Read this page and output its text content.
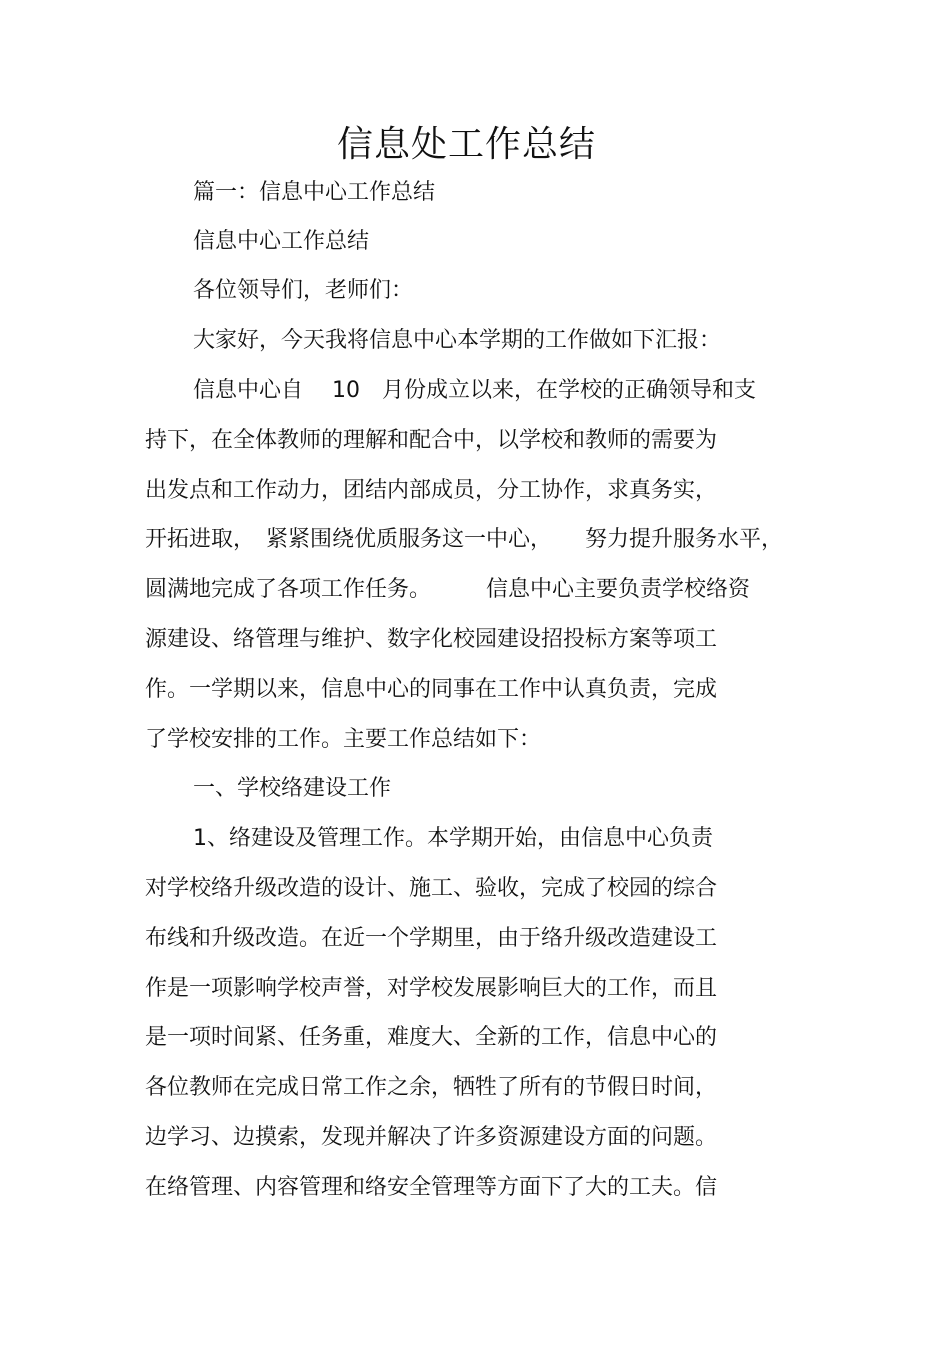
信息处工作总结

篇一：信息中心工作总结

信息中心工作总结

各位领导们，老师们：

大家好，今天我将信息中心本学期的工作做如下汇报：

信息中心自　 10　月份成立以来，在学校的正确领导和支

持下，在全体教师的理解和配合中，以学校和教师的需要为

出发点和工作动力，团结内部成员，分工协作，求真务实，

开拓进取，　紧紧围绕优质服务这一中心，　　努力提升服务水平，

圆满地完成了各项工作任务。　　　信息中心主要负责学校络资

源建设、络管理与维护、数字化校园建设招投标方案等项工

作。一学期以来，信息中心的同事在工作中认真负责，完成

了学校安排的工作。主要工作总结如下：

一、学校络建设工作

1、络建设及管理工作。本学期开始，由信息中心负责

对学校络升级改造的设计、施工、验收，完成了校园的综合

布线和升级改造。在近一个学期里，由于络升级改造建设工

作是一项影响学校声誉，对学校发展影响巨大的工作，而且

是一项时间紧、任务重，难度大、全新的工作，信息中心的

各位教师在完成日常工作之余，牺牲了所有的节假日时间，

边学习、边摸索，发现并解决了许多资源建设方面的问题。

在络管理、内容管理和络安全管理等方面下了大的工夫。信
